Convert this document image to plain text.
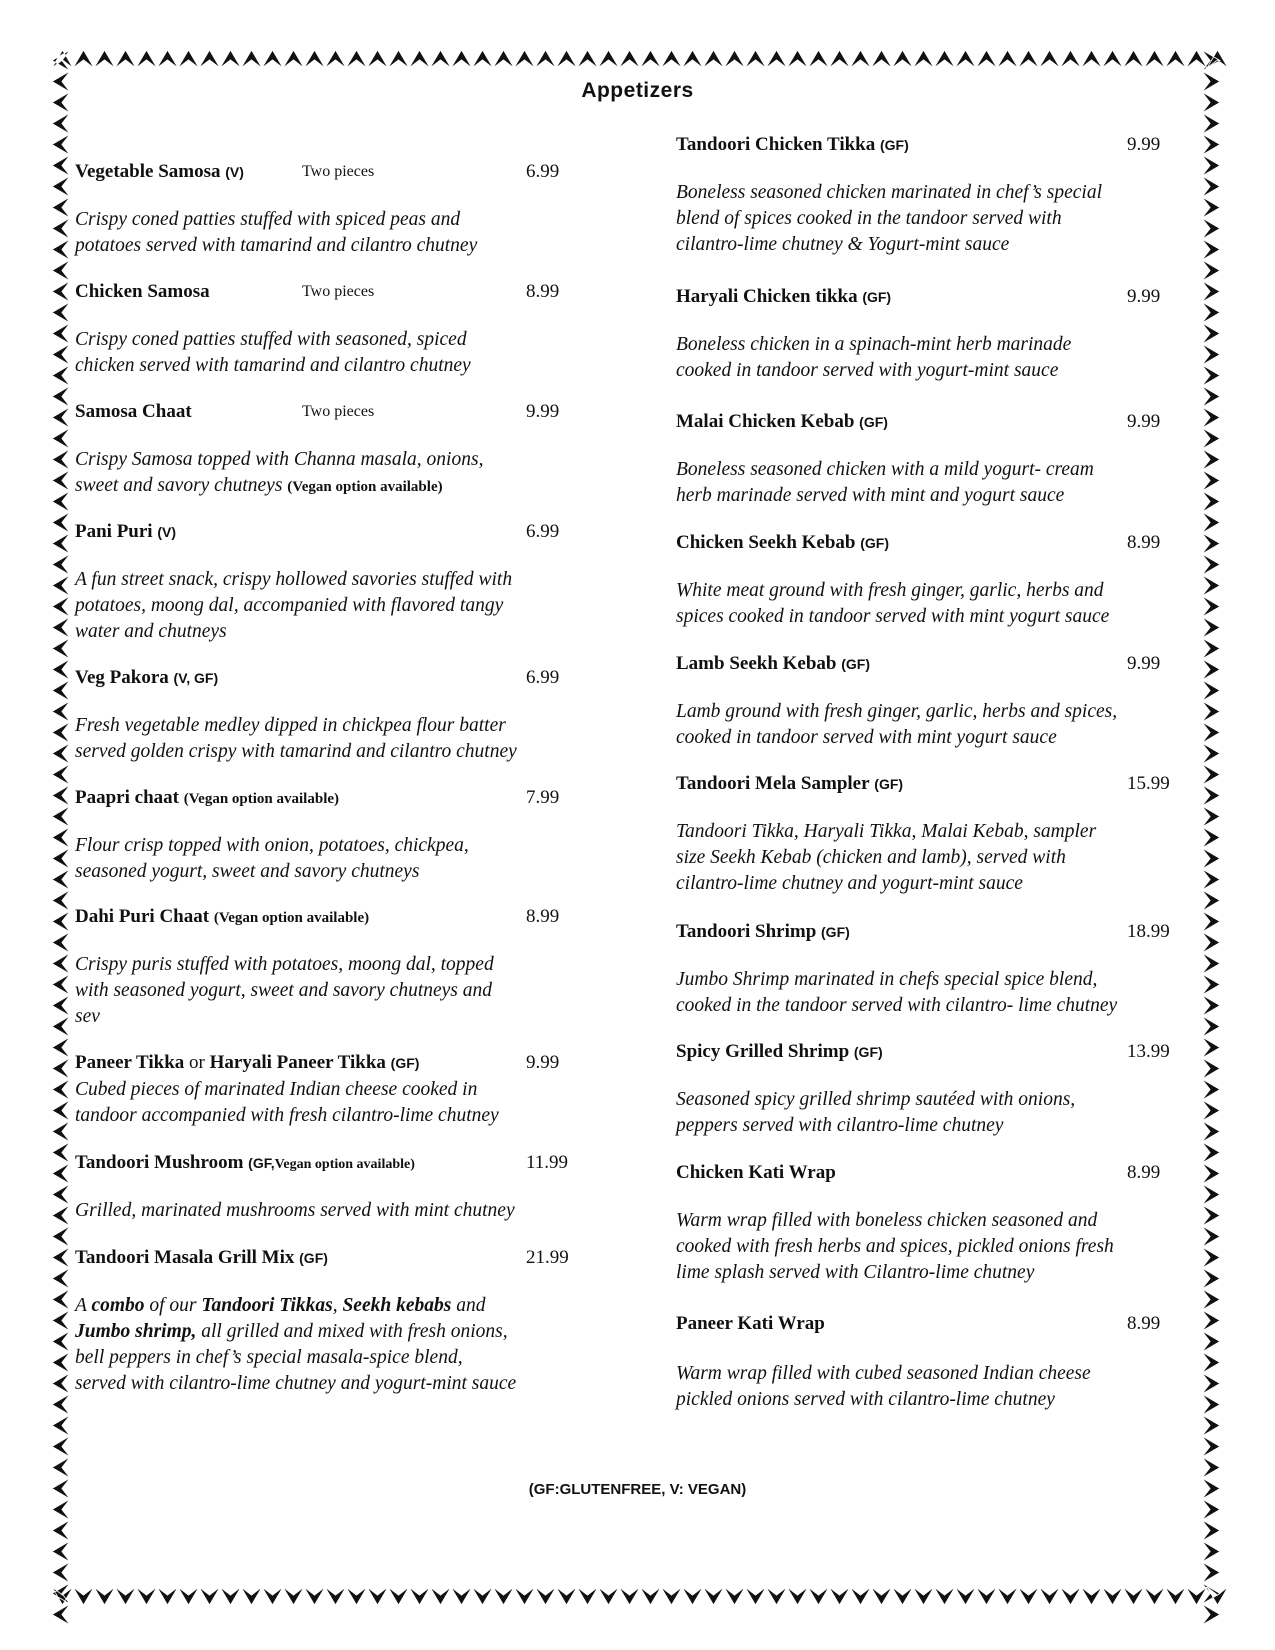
Appetizers
Vegetable Samosa (V)	Two pieces	6.99
Crispy coned patties stuffed with spiced peas and
potatoes served with tamarind and cilantro chutney
Chicken Samosa	Two pieces	8.99
Crispy coned patties stuffed with seasoned, spiced
chicken served with tamarind and cilantro chutney
Samosa Chaat	Two pieces	9.99
Crispy Samosa topped with Channa masala, onions,
sweet and savory chutneys (Vegan option available)
Pani Puri (V)	6.99
A fun street snack, crispy hollowed savories stuffed with
potatoes, moong dal, accompanied with flavored tangy
water and chutneys
Veg Pakora (V, GF)	6.99
Fresh vegetable medley dipped in chickpea flour batter
served golden crispy with tamarind and cilantro chutney
Paapri chaat (Vegan option available)	7.99
Flour crisp topped with onion, potatoes, chickpea,
seasoned yogurt, sweet and savory chutneys
Dahi Puri Chaat (Vegan option available)	8.99
Crispy puris stuffed with potatoes, moong dal, topped
with seasoned yogurt, sweet and savory chutneys and
sev
Paneer Tikka or Haryali Paneer Tikka (GF)	9.99
Cubed pieces of marinated Indian cheese cooked in
tandoor accompanied with fresh cilantro-lime chutney
Tandoori Mushroom (GF,Vegan option available)	11.99
Grilled, marinated mushrooms served with mint chutney
Tandoori Masala Grill Mix (GF)	21.99
A combo of our Tandoori Tikkas, Seekh kebabs and
Jumbo shrimp, all grilled and mixed with fresh onions,
bell peppers in chef’s special masala-spice blend,
served with cilantro-lime chutney and yogurt-mint sauce
Tandoori Chicken Tikka (GF)	9.99
Boneless seasoned chicken marinated in chef’s special
blend of spices cooked in the tandoor served with
cilantro-lime chutney & Yogurt-mint sauce
Haryali Chicken tikka (GF)	9.99
Boneless chicken in a spinach-mint herb marinade
cooked in tandoor served with yogurt-mint sauce
Malai Chicken Kebab (GF)	9.99
Boneless seasoned chicken with a mild yogurt- cream
herb marinade served with mint and yogurt sauce
Chicken Seekh Kebab (GF)	8.99
White meat ground with fresh ginger, garlic, herbs and
spices cooked in tandoor served with mint yogurt sauce
Lamb Seekh Kebab (GF)	9.99
Lamb ground with fresh ginger, garlic, herbs and spices,
cooked in tandoor served with mint yogurt sauce
Tandoori Mela Sampler (GF)	15.99
Tandoori Tikka, Haryali Tikka, Malai Kebab, sampler
size Seekh Kebab (chicken and lamb), served with
cilantro-lime chutney and yogurt-mint sauce
Tandoori Shrimp (GF)	18.99
Jumbo Shrimp marinated in chefs special spice blend,
cooked in the tandoor served with cilantro- lime chutney
Spicy Grilled Shrimp (GF)	13.99
Seasoned spicy grilled shrimp sautéed with onions,
peppers served with cilantro-lime chutney
Chicken Kati Wrap	8.99
Warm wrap filled with boneless chicken seasoned and
cooked with fresh herbs and spices, pickled onions fresh
lime splash served with Cilantro-lime chutney
Paneer Kati Wrap	8.99
Warm wrap filled with cubed seasoned Indian cheese
pickled onions served with cilantro-lime chutney
(GF:GLUTENFREE, V: VEGAN)
